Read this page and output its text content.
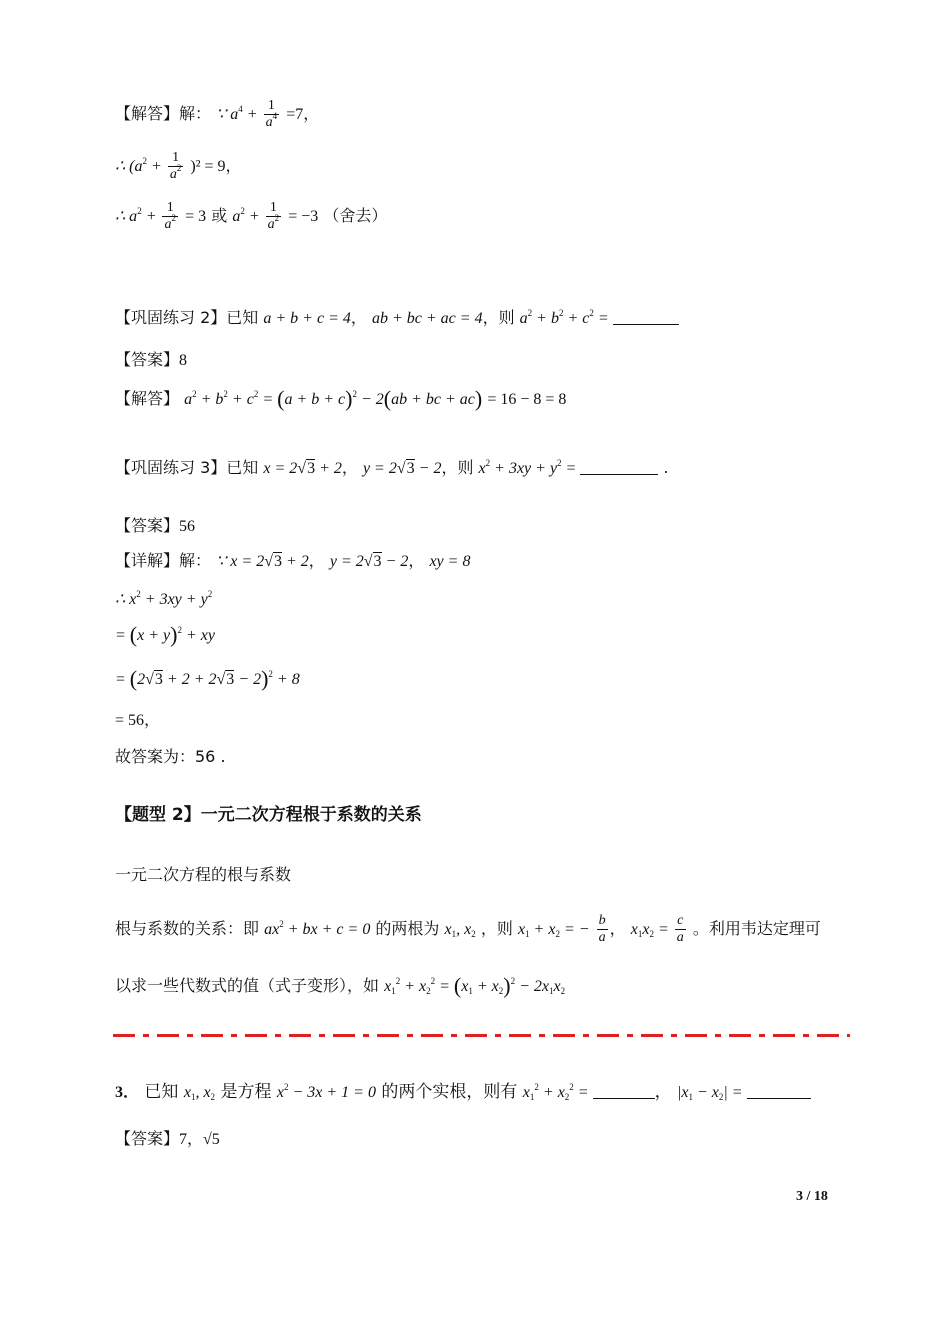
【解答】解： ∵ $a^4 + \frac{1}{a^4} =7$，
∴ $(a^2 + \frac{1}{a^2} )^2 = 9$，
∴ $a^2 + \frac{1}{a^2} = 3$ 或 $a^2 + \frac{1}{a^2} = -3$ （舍去）
【巩固练习 2】已知 a + b + c = 4， ab + bc + ac = 4，则 $a^2 + b^2 + c^2$ =
【答案】8
【解答】 $a^2 + b^2 + c^2 = (a + b + c)^2 - 2(ab$ + bc + ac) = 16 − 8 = 8
【巩固练习 3】已知 x = 2√3 + 2， y = 2√3 − 2，则 $x^2 + 3xy + y^2$ =	.
【答案】56
【详解】解： ∵ x = 2√3 + 2， y = 2√3 − 2， xy = 8
∴ $x^2 + 3xy + y^2$
= $(x + y)^2$ + xy
= $(2√3 + 2 + 2√3 - 2)^2 + 8$
= 56，
故答案为：56 .
【题型 2】一元二次方程根于系数的关系
一元二次方程的根与系数
根与系数的关系：即 $ax^2$ + bx + c = 0 的两根为 $x_1$, $x_2$ ，则 $x_1 + x_2$ = − $\frac{b}{a}$ ， $x_1x_2 = \frac{c}{a}$ 。利用韦达定理可
以求一些代数式的值（式子变形），如 $x_1^2 + x_2^2 = (x_1 + x_2)^2 - 2x_1x_2$
3． 已知 $x_1$, $x_2$ 是方程 $x^2 - 3x + 1 = 0$ 的两个实根，则有 $x_1^2 + x_2^2$ =	， $|x_1 - x_2|$ =
【答案】7，√5
3 / 18
